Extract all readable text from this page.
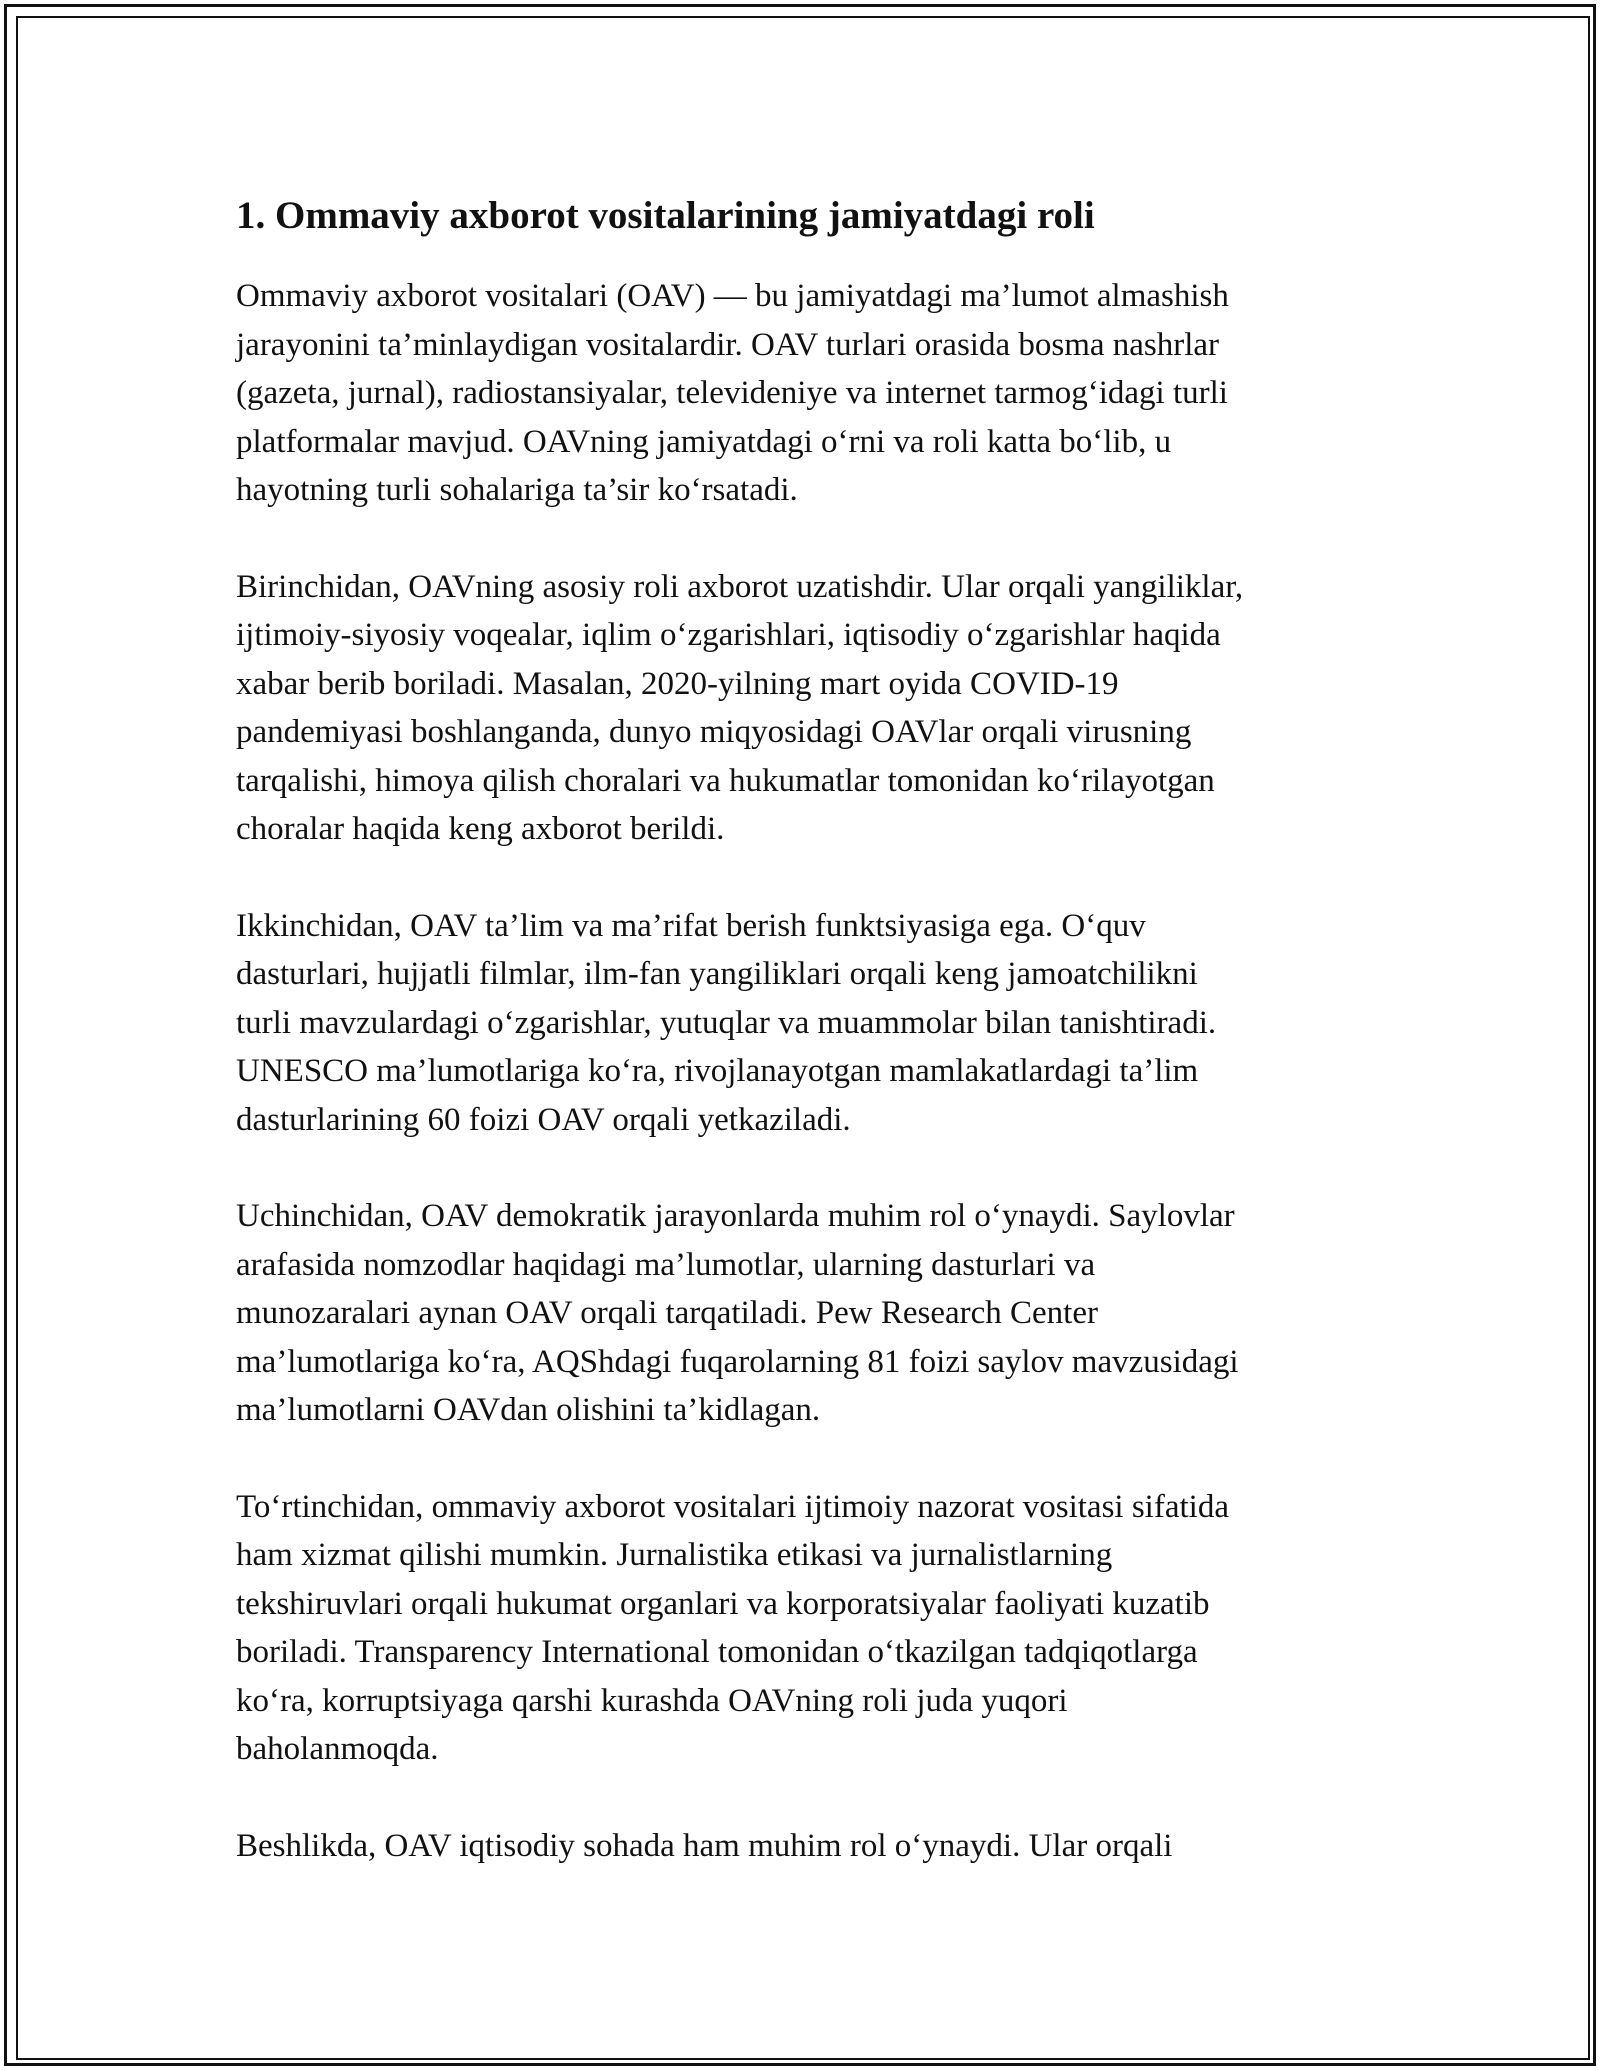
1. Ommaviy axborot vositalarining jamiyatdagi roli

Ommaviy axborot vositalari (OAV) — bu jamiyatdagi ma’lumot almashish
jarayonini ta’minlaydigan vositalardir. OAV turlari orasida bosma nashrlar
(gazeta, jurnal), radiostansiyalar, televideniye va internet tarmog‘idagi turli
platformalar mavjud. OAVning jamiyatdagi o‘rni va roli katta bo‘lib, u
hayotning turli sohalariga ta’sir ko‘rsatadi.

Birinchidan, OAVning asosiy roli axborot uzatishdir. Ular orqali yangiliklar,
ijtimoiy-siyosiy voqealar, iqlim o‘zgarishlari, iqtisodiy o‘zgarishlar haqida
xabar berib boriladi. Masalan, 2020-yilning mart oyida COVID-19
pandemiyasi boshlanganda, dunyo miqyosidagi OAVlar orqali virusning
tarqalishi, himoya qilish choralari va hukumatlar tomonidan ko‘rilayotgan
choralar haqida keng axborot berildi.

Ikkinchidan, OAV ta’lim va ma’rifat berish funktsiyasiga ega. O‘quv
dasturlari, hujjatli filmlar, ilm-fan yangiliklari orqali keng jamoatchilikni
turli mavzulardagi o‘zgarishlar, yutuqlar va muammolar bilan tanishtiradi.
UNESCO ma’lumotlariga ko‘ra, rivojlanayotgan mamlakatlardagi ta’lim
dasturlarining 60 foizi OAV orqali yetkaziladi.

Uchinchidan, OAV demokratik jarayonlarda muhim rol o‘ynaydi. Saylovlar
arafasida nomzodlar haqidagi ma’lumotlar, ularning dasturlari va
munozaralari aynan OAV orqali tarqatiladi. Pew Research Center
ma’lumotlariga ko‘ra, AQShdagi fuqarolarning 81 foizi saylov mavzusidagi
ma’lumotlarni OAVdan olishini ta’kidlagan.

To‘rtinchidan, ommaviy axborot vositalari ijtimoiy nazorat vositasi sifatida
ham xizmat qilishi mumkin. Jurnalistika etikasi va jurnalistlarning
tekshiruvlari orqali hukumat organlari va korporatsiyalar faoliyati kuzatib
boriladi. Transparency International tomonidan o‘tkazilgan tadqiqotlarga
ko‘ra, korruptsiyaga qarshi kurashda OAVning roli juda yuqori
baholanmoqda.

Beshlikda, OAV iqtisodiy sohada ham muhim rol o‘ynaydi. Ular orqali
